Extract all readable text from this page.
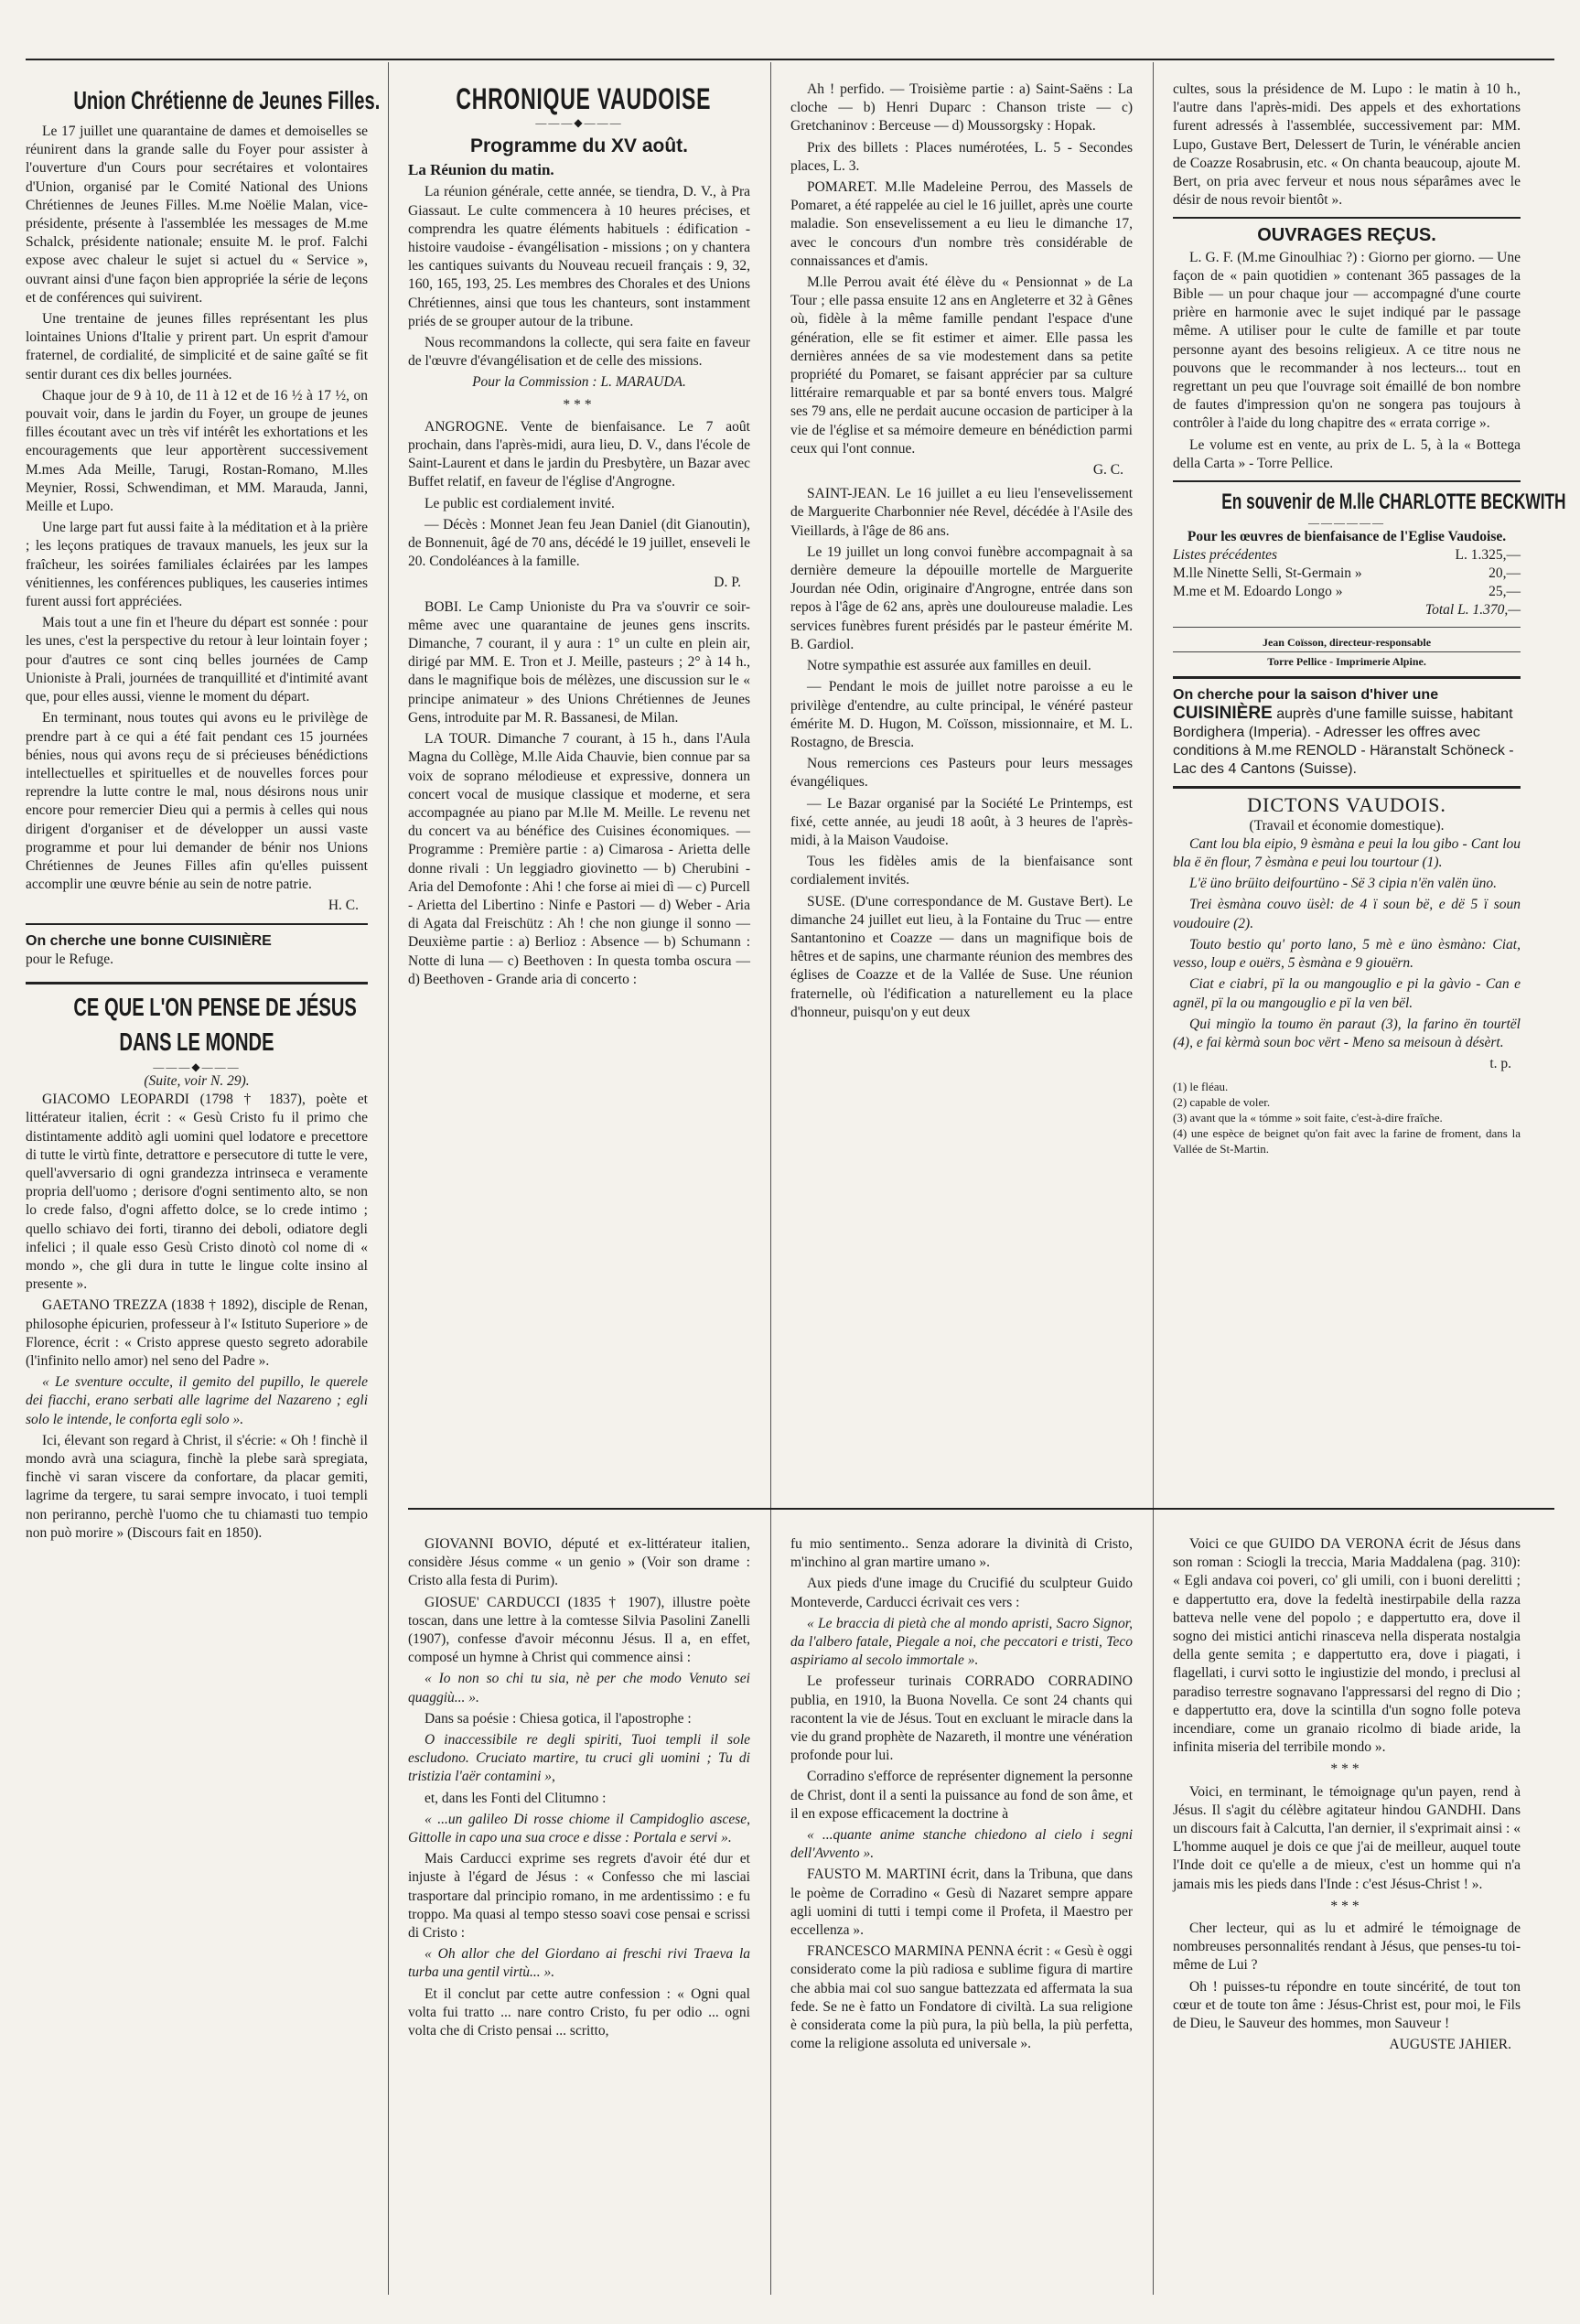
Union Chrétienne de Jeunes Filles.

Le 17 juillet une quarantaine de dames et demoiselles se réunirent dans la grande salle du Foyer pour assister à l'ouverture d'un Cours pour secrétaires et volontaires d'Union, organisé par le Comité National des Unions Chrétiennes de Jeunes Filles. M.me Noëlie Malan, vice-présidente, présente à l'assemblée les messages de M.me Schalck, présidente nationale; ensuite M. le prof. Falchi expose avec chaleur le sujet si actuel du « Service », ouvrant ainsi d'une façon bien appropriée la série de leçons et de conférences qui suivirent.

Une trentaine de jeunes filles représentant les plus lointaines Unions d'Italie y prirent part. Un esprit d'amour fraternel, de cordialité, de simplicité et de saine gaîté se fit sentir durant ces dix belles journées.

Chaque jour de 9 à 10, de 11 à 12 et de 16 ½ à 17 ½, on pouvait voir, dans le jardin du Foyer, un groupe de jeunes filles écoutant avec un très vif intérêt les exhortations et les encouragements que leur apportèrent successivement M.mes Ada Meille, Tarugi, Rostan-Romano, M.lles Meynier, Rossi, Schwendiman, et MM. Marauda, Janni, Meille et Lupo.

Une large part fut aussi faite à la méditation et à la prière ; les leçons pratiques de travaux manuels, les jeux sur la fraîcheur, les soirées familiales éclairées par les lampes vénitiennes, les conférences publiques, les causeries intimes furent aussi fort appréciées.

Mais tout a une fin et l'heure du départ est sonnée : pour les unes, c'est la perspective du retour à leur lointain foyer ; pour d'autres ce sont cinq belles journées de Camp Unioniste à Prali, journées de tranquillité et d'intimité avant que, pour elles aussi, vienne le moment du départ.

En terminant, nous toutes qui avons eu le privilège de prendre part à ce qui a été fait pendant ces 15 journées bénies, nous qui avons reçu de si précieuses bénédictions intellectuelles et spirituelles et de nouvelles forces pour reprendre la lutte contre le mal, nous désirons nous unir encore pour remercier Dieu qui a permis à celles qui nous dirigent d'organiser et de développer un aussi vaste programme et pour lui demander de bénir nos Unions Chrétiennes de Jeunes Filles afin qu'elles puissent accomplir une œuvre bénie au sein de notre patrie.

H. C.
On cherche une bonne CUISINIÈRE
pour le Refuge.
CE QUE L'ON PENSE DE JÉSUS
DANS LE MONDE
———◆———
(Suite, voir N. 29).

GIACOMO LEOPARDI (1798 † 1837), poète et littérateur italien, écrit : « Gesù Cristo fu il primo che distintamente additò agli uomini quel lodatore e precettore di tutte le virtù finte, detrattore e persecutore di tutte le vere, quell'avversario di ogni grandezza intrinseca e veramente propria dell'uomo ; derisore d'ogni sentimento alto, se non lo crede falso, d'ogni affetto dolce, se lo crede intimo ; quello schiavo dei forti, tiranno dei deboli, odiatore degli infelici ; il quale esso Gesù Cristo dinotò col nome di « mondo », che gli dura in tutte le lingue colte insino al presente ».

GAETANO TREZZA (1838 † 1892), disciple de Renan, philosophe épicurien, professeur à l'« Istituto Superiore » de Florence, écrit : « Cristo apprese questo segreto adorabile (l'infinito nello amor) nel seno del Padre ».

« Le sventure occulte, il gemito del pupillo, le querele dei fiacchi, erano serbati alle lagrime del Nazareno ; egli solo le intende, le conforta egli solo ».

Ici, élevant son regard à Christ, il s'écrie: « Oh ! finchè il mondo avrà una sciagura, finchè la plebe sarà spregiata, finchè vi saran viscere da confortare, da placar gemiti, lagrime da tergere, tu sarai sempre invocato, i tuoi templi non periranno, perchè l'uomo che tu chiamasti tuo tempio non può morire » (Discours fait en 1850).

CHRONIQUE VAUDOISE
———◆———
Programme du XV août.
La Réunion du matin.

La réunion générale, cette année, se tiendra, D. V., à Pra Giassaut. Le culte commencera à 10 heures précises, et comprendra les quatre éléments habituels : édification - histoire vaudoise - évangélisation - missions ; on y chantera les cantiques suivants du Nouveau recueil français : 9, 32, 160, 165, 193, 25. Les membres des Chorales et des Unions Chrétiennes, ainsi que tous les chanteurs, sont instamment priés de se grouper autour de la tribune.

Nous recommandons la collecte, qui sera faite en faveur de l'œuvre d'évangélisation et de celle des missions.

Pour la Commission : L. MARAUDA.
***

ANGROGNE. Vente de bienfaisance. Le 7 août prochain, dans l'après-midi, aura lieu, D. V., dans l'école de Saint-Laurent et dans le jardin du Presbytère, un Bazar avec Buffet relatif, en faveur de l'église d'Angrogne.

Le public est cordialement invité.

— Décès : Monnet Jean feu Jean Daniel (dit Gianoutin), de Bonnenuit, âgé de 70 ans, décédé le 19 juillet, enseveli le 20. Condoléances à la famille.

D. P.

BOBI. Le Camp Unioniste du Pra va s'ouvrir ce soir-même avec une quarantaine de jeunes gens inscrits. Dimanche, 7 courant, il y aura : 1° un culte en plein air, dirigé par MM. E. Tron et J. Meille, pasteurs ; 2° à 14 h., dans le magnifique bois de mélèzes, une discussion sur le « principe animateur » des Unions Chrétiennes de Jeunes Gens, introduite par M. R. Bassanesi, de Milan.

LA TOUR. Dimanche 7 courant, à 15 h., dans l'Aula Magna du Collège, M.lle Aida Chauvie, bien connue par sa voix de soprano mélodieuse et expressive, donnera un concert vocal de musique classique et moderne, et sera accompagnée au piano par M.lle M. Meille. Le revenu net du concert va au bénéfice des Cuisines économiques. — Programme : Première partie : a) Cimarosa - Arietta delle donne rivali : Un leggiadro giovinetto — b) Cherubini - Aria del Demofonte : Ahi ! che forse ai miei dì — c) Purcell - Arietta del Libertino : Ninfe e Pastori — d) Weber - Aria di Agata dal Freischütz : Ah ! che non giunge il sonno — Deuxième partie : a) Berlioz : Absence — b) Schumann : Notte di luna — c) Beethoven : In questa tomba oscura — d) Beethoven - Grande aria di concerto :

Ah ! perfido. — Troisième partie : a) Saint-Saëns : La cloche — b) Henri Duparc : Chanson triste — c) Gretchaninov : Berceuse — d) Moussorgsky : Hopak.

Prix des billets : Places numérotées, L. 5 - Secondes places, L. 3.

POMARET. M.lle Madeleine Perrou, des Massels de Pomaret, a été rappelée au ciel le 16 juillet, après une courte maladie. Son ensevelissement a eu lieu le dimanche 17, avec le concours d'un nombre très considérable de connaissances et d'amis.

M.lle Perrou avait été élève du « Pensionnat » de La Tour ; elle passa ensuite 12 ans en Angleterre et 32 à Gênes où, fidèle à la même famille pendant l'espace d'une génération, elle se fit estimer et aimer. Elle passa les dernières années de sa vie modestement dans sa petite propriété du Pomaret, se faisant apprécier par sa culture littéraire remarquable et par sa bonté envers tous. Malgré ses 79 ans, elle ne perdait aucune occasion de participer à la vie de l'église et sa mémoire demeure en bénédiction parmi ceux qui l'ont connue.

G. C.

SAINT-JEAN. Le 16 juillet a eu lieu l'ensevelissement de Marguerite Charbonnier née Revel, décédée à l'Asile des Vieillards, à l'âge de 86 ans.

Le 19 juillet un long convoi funèbre accompagnait à sa dernière demeure la dépouille mortelle de Marguerite Jourdan née Odin, originaire d'Angrogne, entrée dans son repos à l'âge de 62 ans, après une douloureuse maladie. Les services funèbres furent présidés par le pasteur émérite M. B. Gardiol.

Notre sympathie est assurée aux familles en deuil.

— Pendant le mois de juillet notre paroisse a eu le privilège d'entendre, au culte principal, le vénéré pasteur émérite M. D. Hugon, M. Coïsson, missionnaire, et M. L. Rostagno, de Brescia.

Nous remercions ces Pasteurs pour leurs messages évangéliques.

— Le Bazar organisé par la Société Le Printemps, est fixé, cette année, au jeudi 18 août, à 3 heures de l'après-midi, à la Maison Vaudoise.

Tous les fidèles amis de la bienfaisance sont cordialement invités.

SUSE. (D'une correspondance de M. Gustave Bert). Le dimanche 24 juillet eut lieu, à la Fontaine du Truc — entre Santantonino et Coazze — dans un magnifique bois de hêtres et de sapins, une charmante réunion des membres des églises de Coazze et de la Vallée de Suse. Une réunion fraternelle, où l'édification a naturellement eu la place d'honneur, puisqu'on y eut deux

cultes, sous la présidence de M. Lupo : le matin à 10 h., l'autre dans l'après-midi. Des appels et des exhortations furent adressés à l'assemblée, successivement par: MM. Lupo, Gustave Bert, Delessert de Turin, le vénérable ancien de Coazze Rosabrusin, etc. « On chanta beaucoup, ajoute M. Bert, on pria avec ferveur et nous nous séparâmes avec le désir de nous revoir bientôt ».

OUVRAGES REÇUS.

L. G. F. (M.me Ginoulhiac ?) : Giorno per giorno. — Une façon de « pain quotidien » contenant 365 passages de la Bible — un pour chaque jour — accompagné d'une courte prière en harmonie avec le sujet indiqué par le passage même. A utiliser pour le culte de famille et par toute personne ayant des besoins religieux. A ce titre nous ne pouvons que le recommander à nos lecteurs... tout en regrettant un peu que l'ouvrage soit émaillé de bon nombre de fautes d'impression qu'on ne songera pas toujours à contrôler à l'aide du long chapitre des « errata corrige ».

Le volume est en vente, au prix de L. 5, à la « Bottega della Carta » - Torre Pellice.

En souvenir de M.lle CHARLOTTE BECKWITH
——————
Pour les œuvres de bienfaisance de l'Eglise Vaudoise.
Listes précédentes	L. 1.325,—
M.lle Ninette Selli, St-Germain »	20,—
M.me et M. Edoardo Longo »	25,—
Total L. 1.370,—
Jean Coïsson, directeur-responsable
Torre Pellice - Imprimerie Alpine.
On cherche pour la saison d'hiver une CUISINIÈRE auprès d'une famille suisse, habitant Bordighera (Imperia). - Adresser les offres avec conditions à M.me RENOLD - Häranstalt Schöneck - Lac des 4 Cantons (Suisse).
DICTONS VAUDOIS.
(Travail et économie domestique).

Cant lou bla eipio, 9 èsmàna e peui la lou gibo - Cant lou bla ë ën flour, 7 èsmàna e peui lou tourtour (1).

L'ë üno brüito deifourtüno - Së 3 cipia n'ën valën üno.

Trei èsmàna couvo üsèl: de 4 ï soun bë, e dë 5 ï soun voudouire (2).

Touto bestio qu' porto lano, 5 mè e üno èsmàno: Ciat, vesso, loup e ouërs, 5 èsmàna e 9 giouërn.

Ciat e ciabri, pï la ou mangouglio e pi la gàvio - Can e agnël, pï la ou mangouglio e pï la ven bël.

Qui mingïo la toumo ën paraut (3), la farino ën tourtël (4), e fai kèrmà soun boc vërt - Meno sa meisoun à désèrt.

t. p.
(1) le fléau.
(2) capable de voler.
(3) avant que la « tómme » soit faite, c'est-à-dire fraîche.
(4) une espèce de beignet qu'on fait avec la farine de froment, dans la Vallée de St-Martin.

GIOVANNI BOVIO, député et ex-littérateur italien, considère Jésus comme « un genio » (Voir son drame : Cristo alla festa di Purim).

GIOSUE' CARDUCCI (1835 † 1907), illustre poète toscan, dans une lettre à la comtesse Silvia Pasolini Zanelli (1907), confesse d'avoir méconnu Jésus. Il a, en effet, composé un hymne à Christ qui commence ainsi :

« Io non so chi tu sia, nè per che modo Venuto sei quaggiù... ».

Dans sa poésie : Chiesa gotica, il l'apostrophe :

O inaccessibile re degli spiriti, Tuoi templi il sole escludono. Cruciato martire, tu cruci gli uomini ; Tu di tristizia l'aër contamini »,

et, dans les Fonti del Clitumno :

« ...un galileo Di rosse chiome il Campidoglio ascese, Gittolle in capo una sua croce e disse : Portala e servi ».

Mais Carducci exprime ses regrets d'avoir été dur et injuste à l'égard de Jésus : « Confesso che mi lasciai trasportare dal principio romano, in me ardentissimo : e fu troppo. Ma quasi al tempo stesso soavi cose pensai e scrissi di Cristo :

« Oh allor che del Giordano ai freschi rivi Traeva la turba una gentil virtù... ».

Et il conclut par cette autre confession : « Ogni qual volta fui tratto ... nare contro Cristo, fu per odio ... ogni volta che di Cristo pensai ... scritto,

fu mio sentimento.. Senza adorare la divinità di Cristo, m'inchino al gran martire umano ».

Aux pieds d'une image du Crucifié du sculpteur Guido Monteverde, Carducci écrivait ces vers :

« Le braccia di pietà che al mondo apristi, Sacro Signor, da l'albero fatale, Piegale a noi, che peccatori e tristi, Teco aspiriamo al secolo immortale ».

Le professeur turinais CORRADO CORRADINO publia, en 1910, la Buona Novella. Ce sont 24 chants qui racontent la vie de Jésus. Tout en excluant le miracle dans la vie du grand prophète de Nazareth, il montre une vénération profonde pour lui.

Corradino s'efforce de représenter dignement la personne de Christ, dont il a senti la puissance au fond de son âme, et il en expose efficacement la doctrine à

« ...quante anime stanche chiedono al cielo i segni dell'Avvento ».

FAUSTO M. MARTINI écrit, dans la Tribuna, que dans le poème de Corradino « Gesù di Nazaret sempre appare agli uomini di tutti i tempi come il Profeta, il Maestro per eccellenza ».

FRANCESCO MARMINA PENNA écrit : « Gesù è oggi considerato come la più radiosa e sublime figura di martire che abbia mai col suo sangue battezzata ed affermata la sua fede. Se ne è fatto un Fondatore di civiltà. La sua religione è considerata come la più pura, la più bella, la più perfetta, come la religione assoluta ed universale ».

Voici ce que GUIDO DA VERONA écrit de Jésus dans son roman : Sciogli la treccia, Maria Maddalena (pag. 310): « Egli andava coi poveri, co' gli umili, con i buoni derelitti ; e dappertutto era, dove la fedeltà inestirpabile della razza batteva nelle vene del popolo ; e dappertutto era, dove il sogno dei mistici antichi rinasceva nella disperata nostalgia della gente semita ; e dappertutto era, dove i piagati, i flagellati, i curvi sotto le ingiustizie del mondo, i preclusi al paradiso terrestre sognavano l'appressarsi del regno di Dio ; e dappertutto era, dove la scintilla d'un sogno folle poteva incendiare, come un granaio ricolmo di biade aride, la infinita miseria del terribile mondo ».

***

Voici, en terminant, le témoignage qu'un payen, rend à Jésus. Il s'agit du célèbre agitateur hindou GANDHI. Dans un discours fait à Calcutta, l'an dernier, il s'exprimait ainsi : « L'homme auquel je dois ce que j'ai de meilleur, auquel toute l'Inde doit ce qu'elle a de mieux, c'est un homme qui n'a jamais mis les pieds dans l'Inde : c'est Jésus-Christ ! ».

***

Cher lecteur, qui as lu et admiré le témoignage de nombreuses personnalités rendant à Jésus, que penses-tu toi-même de Lui ?

Oh ! puisses-tu répondre en toute sincérité, de tout ton cœur et de toute ton âme : Jésus-Christ est, pour moi, le Fils de Dieu, le Sauveur des hommes, mon Sauveur !

AUGUSTE JAHIER.
